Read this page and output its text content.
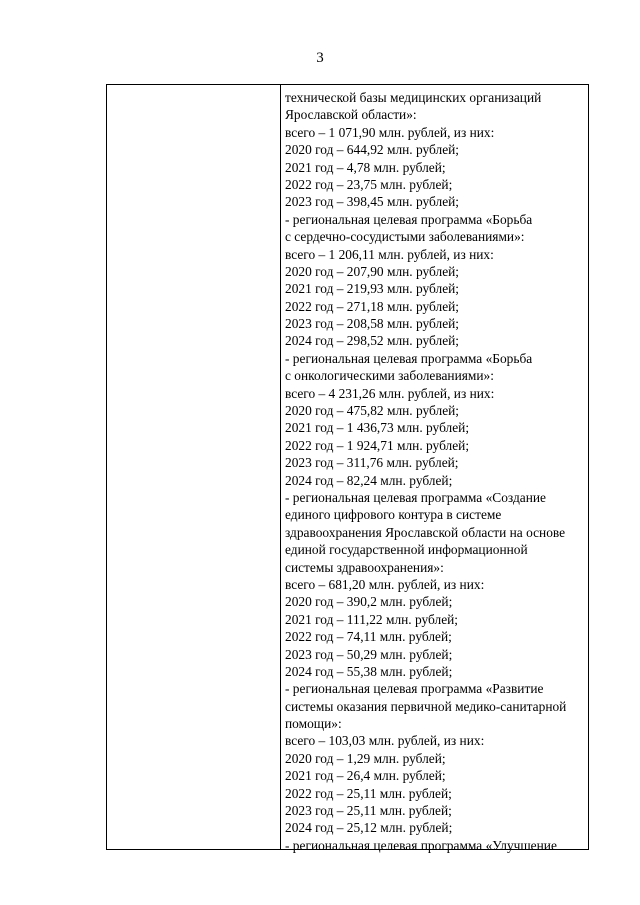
3
технической базы медицинских организаций
Ярославской области»:
всего – 1 071,90 млн. рублей, из них:
2020 год – 644,92 млн. рублей;
2021 год – 4,78 млн. рублей;
2022 год – 23,75 млн. рублей;
2023 год – 398,45 млн. рублей;
- региональная целевая программа «Борьба
с сердечно-сосудистыми заболеваниями»:
всего – 1 206,11 млн. рублей, из них:
2020 год – 207,90 млн. рублей;
2021 год – 219,93 млн. рублей;
2022 год – 271,18 млн. рублей;
2023 год – 208,58 млн. рублей;
2024 год – 298,52 млн. рублей;
- региональная целевая программа «Борьба
с онкологическими заболеваниями»:
всего – 4 231,26 млн. рублей, из них:
2020 год – 475,82 млн. рублей;
2021 год – 1 436,73 млн. рублей;
2022 год – 1 924,71 млн. рублей;
2023 год – 311,76 млн. рублей;
2024 год – 82,24 млн. рублей;
- региональная целевая программа «Создание
единого цифрового контура в системе
здравоохранения Ярославской области на основе
единой государственной информационной
системы здравоохранения»:
всего – 681,20 млн. рублей, из них:
2020 год – 390,2 млн. рублей;
2021 год – 111,22 млн. рублей;
2022 год – 74,11 млн. рублей;
2023 год – 50,29 млн. рублей;
2024 год – 55,38 млн. рублей;
- региональная целевая программа «Развитие
системы оказания первичной медико-санитарной
помощи»:
всего – 103,03 млн. рублей, из них:
2020 год – 1,29 млн. рублей;
2021 год – 26,4 млн. рублей;
2022 год – 25,11 млн. рублей;
2023 год – 25,11 млн. рублей;
2024 год – 25,12 млн. рублей;
- региональная целевая программа «Улучшение
